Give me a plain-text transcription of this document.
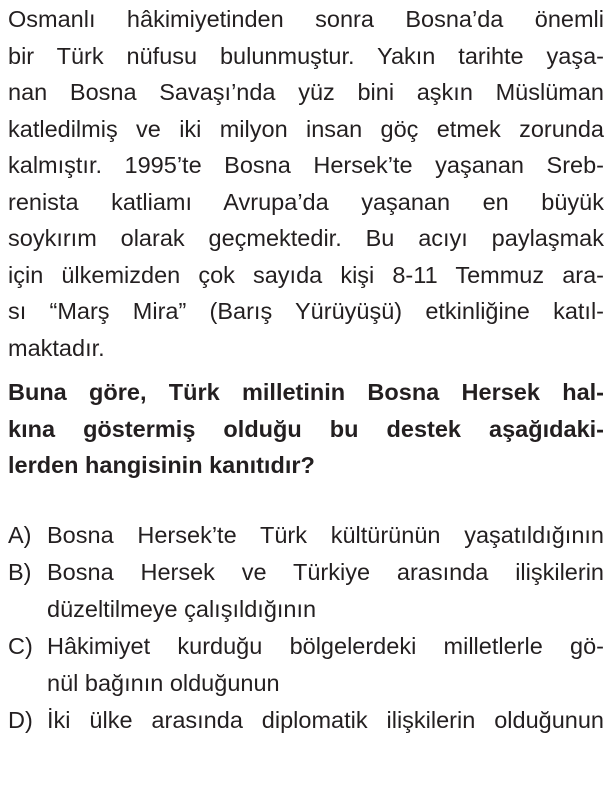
Osmanlı hâkimiyetinden sonra Bosna’da önemli
bir Türk nüfusu bulunmuştur. Yakın tarihte yaşa-
nan Bosna Savaşı’nda yüz bini aşkın Müslüman
katledilmiş ve iki milyon insan göç etmek zorunda
kalmıştır. 1995’te Bosna Hersek’te yaşanan Sreb-
renista katliamı Avrupa’da yaşanan en büyük
soykırım olarak geçmektedir. Bu acıyı paylaşmak
için ülkemizden çok sayıda kişi 8-11 Temmuz ara-
sı “Marş Mira” (Barış Yürüyüşü) etkinliğine katıl-
maktadır.
Buna göre, Türk milletinin Bosna Hersek hal-
kına göstermiş olduğu bu destek aşağıdaki-
lerden hangisinin kanıtıdır?
A) Bosna Hersek’te Türk kültürünün yaşatıldığının
B) Bosna Hersek ve Türkiye arasında ilişkilerin
düzeltilmeye çalışıldığının
C) Hâkimiyet kurduğu bölgelerdeki milletlerle gö-
nül bağının olduğunun
D) İki ülke arasında diplomatik ilişkilerin olduğunun
